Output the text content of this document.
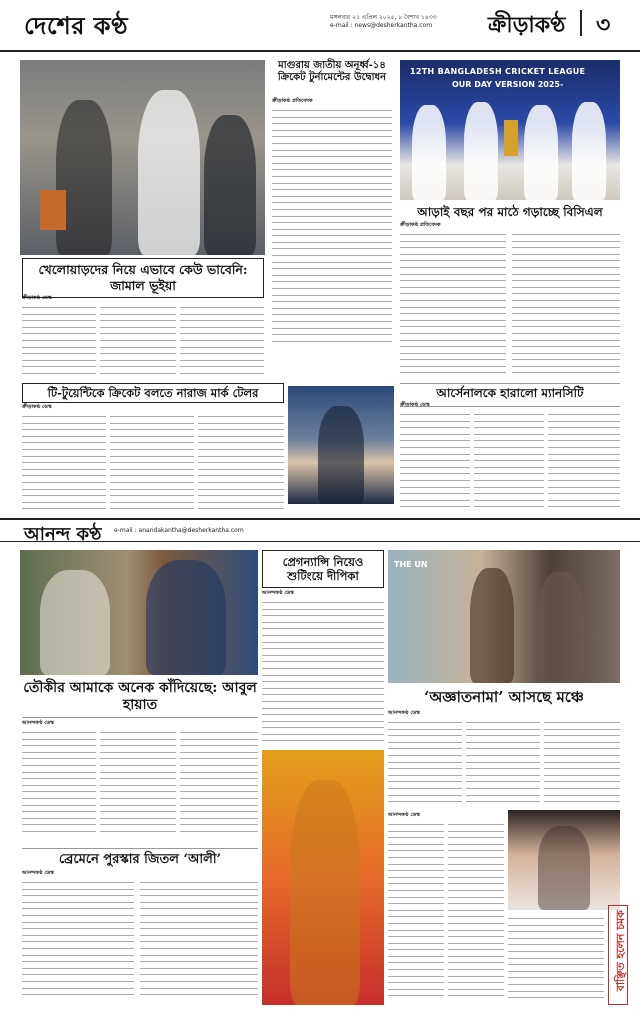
দেশের কণ্ঠ	মঙ্গলবার ২১ এপ্রিল ২০২৫, ৮ বৈশাখ ১৪৩৩
e-mail : news@desherkantha.com	ক্রীড়াকণ্ঠ ৩
মাগুরায় জাতীয় অনূর্ধ্ব-১৪ ক্রিকেট টুর্নামেন্টের উদ্বোধন
ক্রীড়াকণ্ঠ প্রতিবেদক
12TH BANGLADESH CRICKET LEAGUE
OUR DAY VERSION 2025-
আড়াই বছর পর মাঠে গড়াচ্ছে বিসিএল
খেলোয়াড়দের নিয়ে এভাবে কেউ ভাবেনি: জামাল ভূইয়া
ক্রীড়াকণ্ঠ ডেস্ক
ক্রীড়াকণ্ঠ প্রতিবেদক
আর্সেনালকে হারালো ম্যানসিটি
ক্রীড়াকণ্ঠ ডেস্ক
টি-টুয়েন্টিকে ক্রিকেট বলতে নারাজ মার্ক টেলর
ক্রীড়াকণ্ঠ ডেস্ক
আনন্দ কণ্ঠ e-mail : anandakantha@desherkantha.com
তৌকীর আমাকে অনেক কাঁদিয়েছে: আবুল হায়াত
আনন্দকণ্ঠ ডেস্ক
ব্রেমেনে পুরস্কার জিতল ‘আলী’
আনন্দকণ্ঠ ডেস্ক
প্রেগন্যান্সি নিয়েও শুটিংয়ে দীপিকা
আনন্দকণ্ঠ ডেস্ক
THE UN
‘অজ্ঞাতনামা’ আসছে মঞ্চে
আনন্দকণ্ঠ ডেস্ক
আনন্দকণ্ঠ ডেস্ক
বাঞ্ছিত হলেন চমক
